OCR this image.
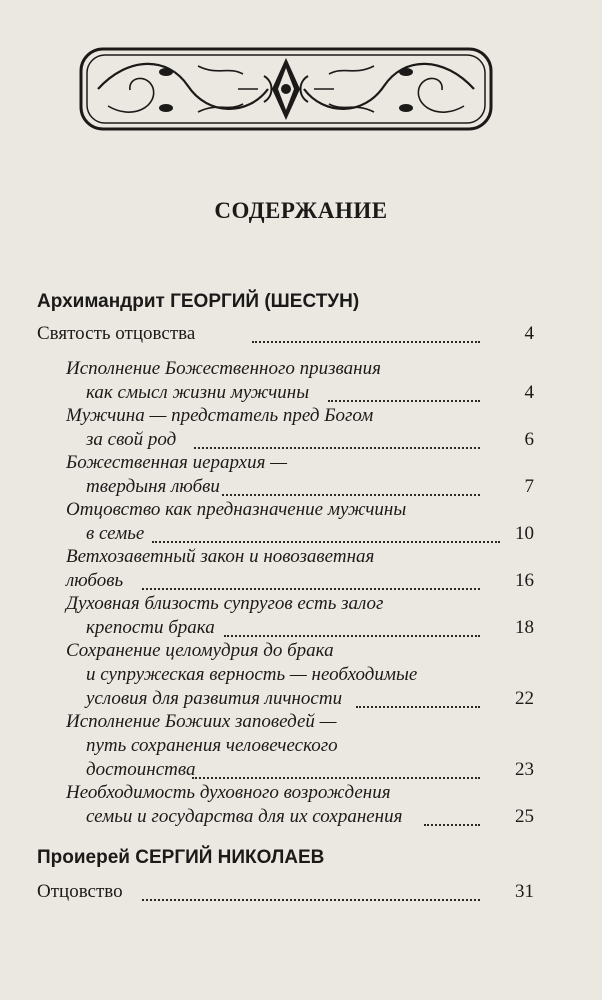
СОДЕРЖАНИЕ
Архимандрит ГЕОРГИЙ (ШЕСТУН)
Святость отцовства	4
Исполнение Божественного призвания
как смысл жизни мужчины	4
Мужчина — предстатель пред Богом
за свой род	6
Божественная иерархия —
твердыня любви	7
Отцовство как предназначение мужчины
в семье	10
Ветхозаветный закон и новозаветная
любовь	16
Духовная близость супругов есть залог
крепости брака	18
Сохранение целомудрия до брака
и супружеская верность — необходимые
условия для развития личности	22
Исполнение Божиих заповедей —
путь сохранения человеческого
достоинства	23
Необходимость духовного возрождения
семьи и государства для их сохранения	25
Проиерей СЕРГИЙ НИКОЛАЕВ
Отцовство	31
